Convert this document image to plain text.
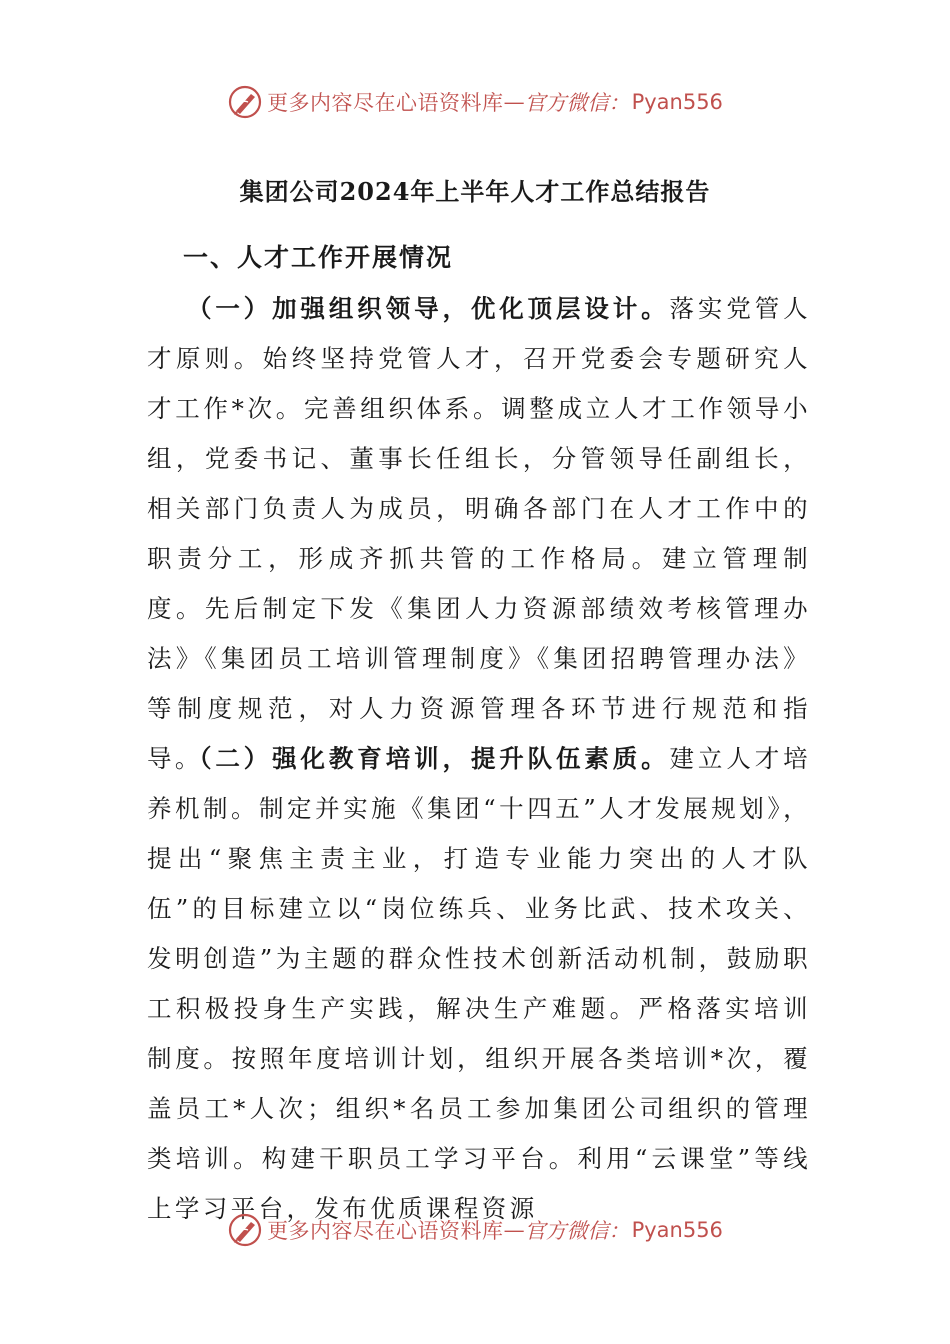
更多内容尽在心语资料库 — 官方微信： Pyan556
集团公司2024年上半年人才工作总结报告
一、人才工作开展情况

（一）加强组织领导，优化顶层设计。落实党管人才原则。始终坚持党管人才，召开党委会专题研究人才工作*次。完善组织体系。调整成立人才工作领导小组，党委书记、董事长任组长，分管领导任副组长，相关部门负责人为成员，明确各部门在人才工作中的职责分工，形成齐抓共管的工作格局。建立管理制度。先后制定下发《集团人力资源部绩效考核管理办法》《集团员工培训管理制度》《集团招聘管理办法》等制度规范，对人力资源管理各环节进行规范和指导。

（二）强化教育培训，提升队伍素质。建立人才培养机制。制定并实施《集团“十四五”人才发展规划》，提出“聚焦主责主业，打造专业能力突出的人才队伍”的目标建立以“岗位练兵、业务比武、技术攻关、发明创造”为主题的群众性技术创新活动机制，鼓励职工积极投身生产实践，解决生产难题。严格落实培训制度。按照年度培训计划，组织开展各类培训*次，覆盖员工*人次；组织*名员工参加集团公司组织的管理类培训。构建干职员工学习平台。利用“云课堂”等线上学习平台，发布优质课程资源

更多内容尽在心语资料库 — 官方微信： Pyan556
